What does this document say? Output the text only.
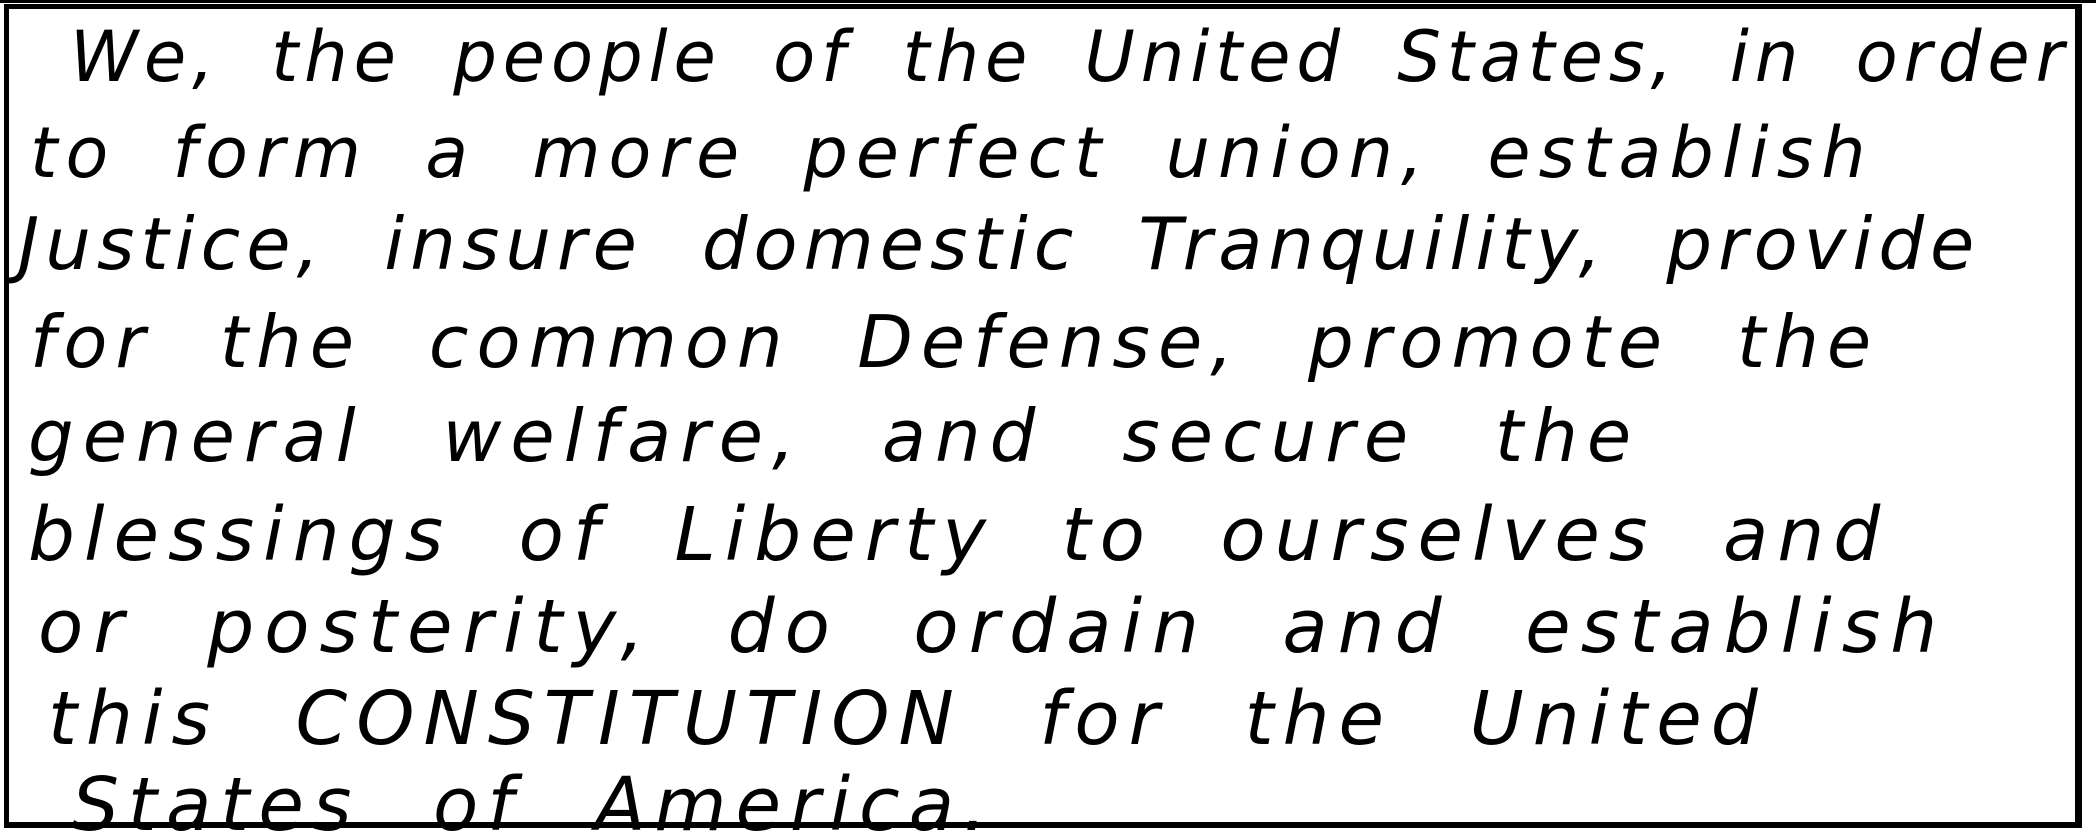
We, the people of the United States, in order
to form a more perfect union, establish
Justice, insure domestic Tranquility, provide
for the common Defense, promote the
general welfare, and secure the
blessings of Liberty to ourselves and
or posterity, do ordain and establish
this CONSTITUTION for the United
States of America.
